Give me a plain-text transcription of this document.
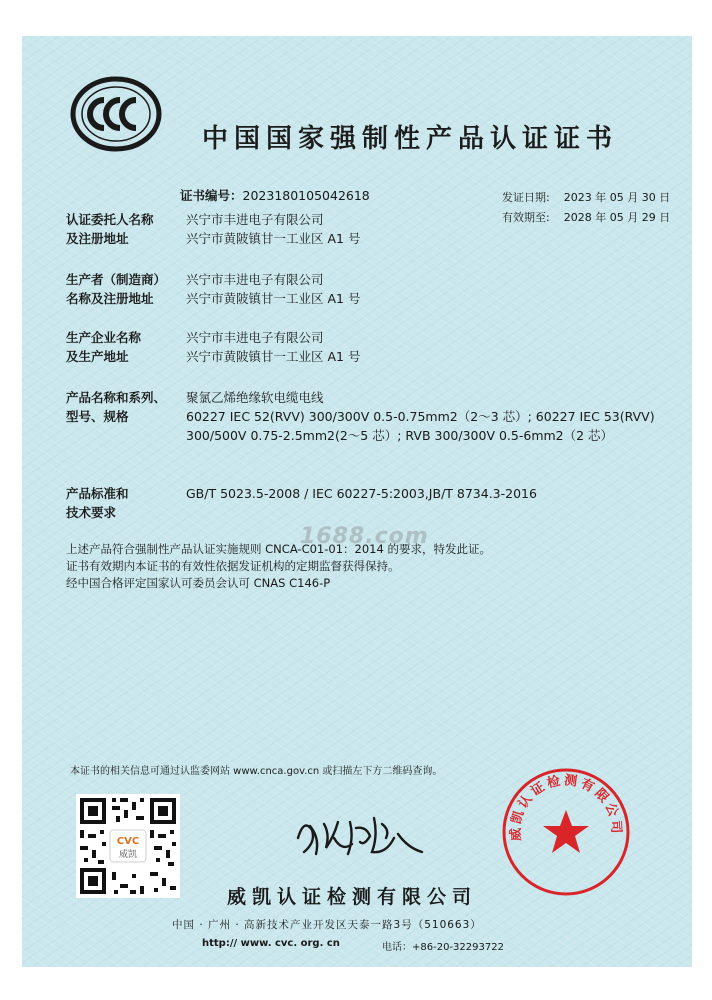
中国国家强制性产品认证证书
证书编号：2023180105042618	发证日期: 2023 年 05 月 30 日
有效期至: 2028 年 05 月 29 日
认证委托人名称
及注册地址
兴宁市丰进电子有限公司
兴宁市黄陂镇甘一工业区 A1 号
生产者（制造商）
名称及注册地址
兴宁市丰进电子有限公司
兴宁市黄陂镇甘一工业区 A1 号
生产企业名称
及生产地址
兴宁市丰进电子有限公司
兴宁市黄陂镇甘一工业区 A1 号
产品名称和系列、
型号、规格
聚氯乙烯绝缘软电缆电线
60227 IEC 52(RVV) 300/300V 0.5-0.75mm2（2～3 芯）; 60227 IEC 53(RVV) 300/500V 0.75-2.5mm2(2～5 芯）; RVB 300/300V 0.5-6mm2（2 芯）
产品标准和
技术要求
GB/T 5023.5-2008 / IEC 60227-5:2003,JB/T 8734.3-2016
1688.com
上述产品符合强制性产品认证实施规则 CNCA-C01-01：2014 的要求，特发此证。
证书有效期内本证书的有效性依据发证机构的定期监督获得保持。
经中国合格评定国家认可委员会认可 CNAS C146-P
本证书的相关信息可通过认监委网站 www.cnca.gov.cn 或扫描左下方二维码查询。
CVC
威凯
威凯认证检测有限公司
威凯认证检测有限公司
中国 · 广州 · 高新技术产业开发区天泰一路3号（510663）
http:// www. cvc. org. cn	电话：+86-20-32293722
